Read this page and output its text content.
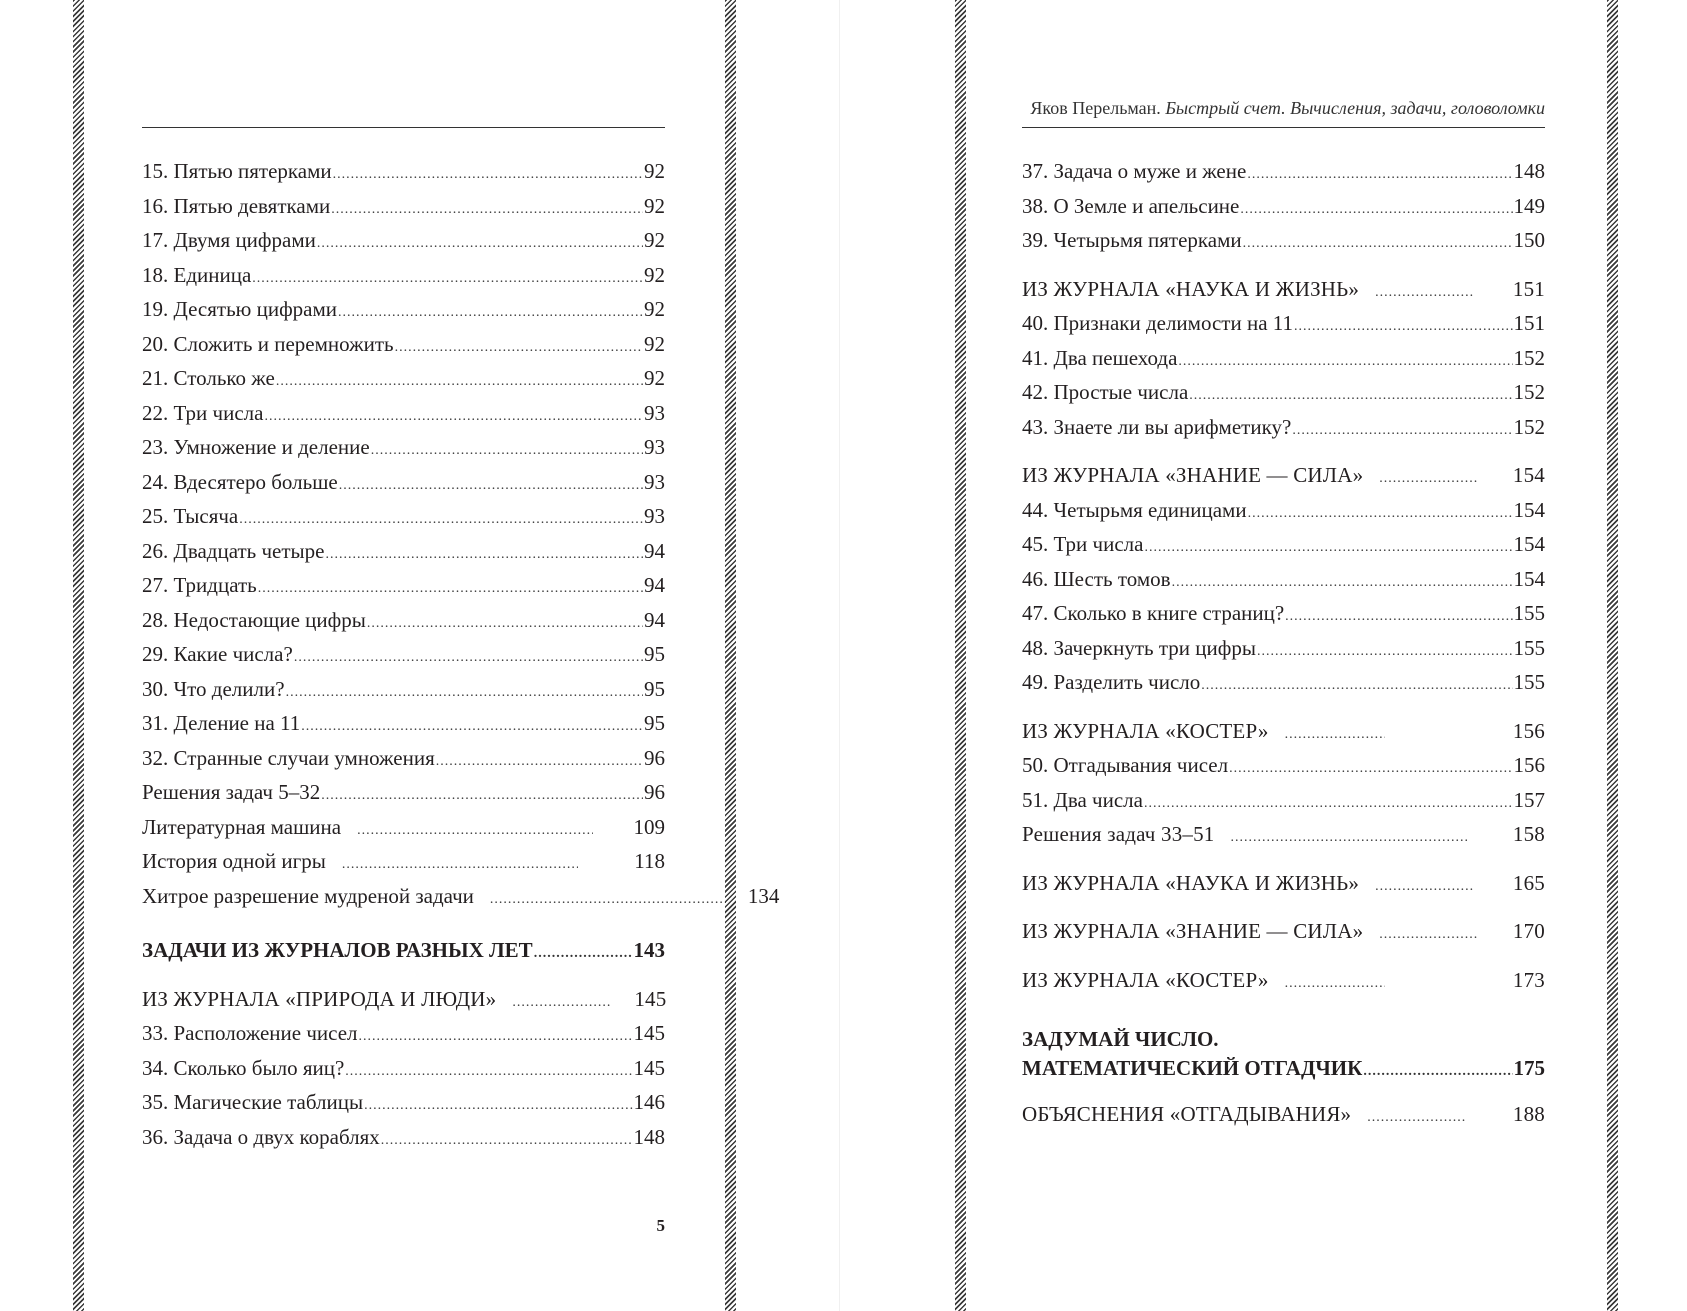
15. Пятью пятерками .....	92
16. Пятью девятками .....	92
17. Двумя цифрами .....	92
18. Единица .....	92
19. Десятью цифрами .....	92
20. Сложить и перемножить .....	92
21. Столько же .....	92
22. Три числа .....	93
23. Умножение и деление .....	93
24. Вдесятеро больше .....	93
25. Тысяча .....	93
26. Двадцать четыре .....	94
27. Тридцать .....	94
28. Недостающие цифры .....	94
29. Какие числа? .....	95
30. Что делили? .....	95
31. Деление на 11 .....	95
32. Странные случаи умножения .....	96
Решения задач 5–32 .....	96
Литературная машина .....	109
История одной игры .....	118
Хитрое разрешение мудреной задачи .....	134
ЗАДАЧИ ИЗ ЖУРНАЛОВ РАЗНЫХ ЛЕТ .....	143
ИЗ ЖУРНАЛА «ПРИРОДА И ЛЮДИ» .....	145
33. Расположение чисел .....	145
34. Сколько было яиц? .....	145
35. Магические таблицы .....	146
36. Задача о двух кораблях .....	148
5
Яков Перельман. Быстрый счет. Вычисления, задачи, головоломки
37. Задача о муже и жене .....	148
38. О Земле и апельсине .....	149
39. Четырьмя пятерками .....	150
ИЗ ЖУРНАЛА «НАУКА И ЖИЗНЬ» .....	151
40. Признаки делимости на 11 .....	151
41. Два пешехода .....	152
42. Простые числа .....	152
43. Знаете ли вы арифметику? .....	152
ИЗ ЖУРНАЛА «ЗНАНИЕ — СИЛА» .....	154
44. Четырьмя единицами .....	154
45. Три числа .....	154
46. Шесть томов .....	154
47. Сколько в книге страниц? .....	155
48. Зачеркнуть три цифры .....	155
49. Разделить число .....	155
ИЗ ЖУРНАЛА «КОСТЕР» .....	156
50. Отгадывания чисел .....	156
51. Два числа .....	157
Решения задач 33–51 .....	158
ИЗ ЖУРНАЛА «НАУКА И ЖИЗНЬ» .....	165
ИЗ ЖУРНАЛА «ЗНАНИЕ — СИЛА» .....	170
ИЗ ЖУРНАЛА «КОСТЕР» .....	173
ЗАДУМАЙ ЧИСЛО.
МАТЕМАТИЧЕСКИЙ ОТГАДЧИК .....	175
ОБЪЯСНЕНИЯ «ОТГАДЫВАНИЯ» .....	188
